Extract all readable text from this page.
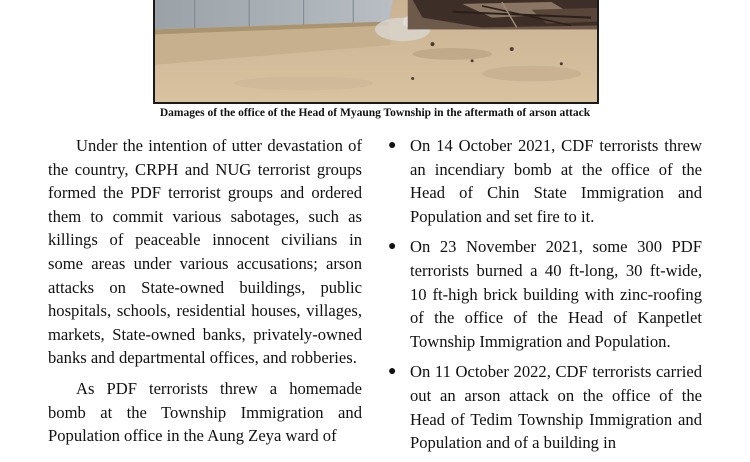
Damages of the office of the Head of Myaung Township in the aftermath of arson attack

Under the intention of utter devastation of the country, CRPH and NUG terrorist groups formed the PDF terrorist groups and ordered them to commit various sabotages, such as killings of peaceable innocent civilians in some areas under various accusations; arson attacks on State-owned buildings, public hospitals, schools, residential houses, villages, markets, State-owned banks, privately-owned banks and departmental offices, and robberies.

As PDF terrorists threw a homemade bomb at the Township Immigration and Population office in the Aung Zeya ward of

● On 14 October 2021, CDF terrorists threw an incendiary bomb at the office of the Head of Chin State Immigration and Population and set fire to it.
● On 23 November 2021, some 300 PDF terrorists burned a 40 ft-long, 30 ft-wide, 10 ft-high brick building with zinc-roofing of the office of the Head of Kanpetlet Township Immigration and Population.
● On 11 October 2022, CDF terrorists carried out an arson attack on the office of the Head of Tedim Township Immigration and Population and of a building in
